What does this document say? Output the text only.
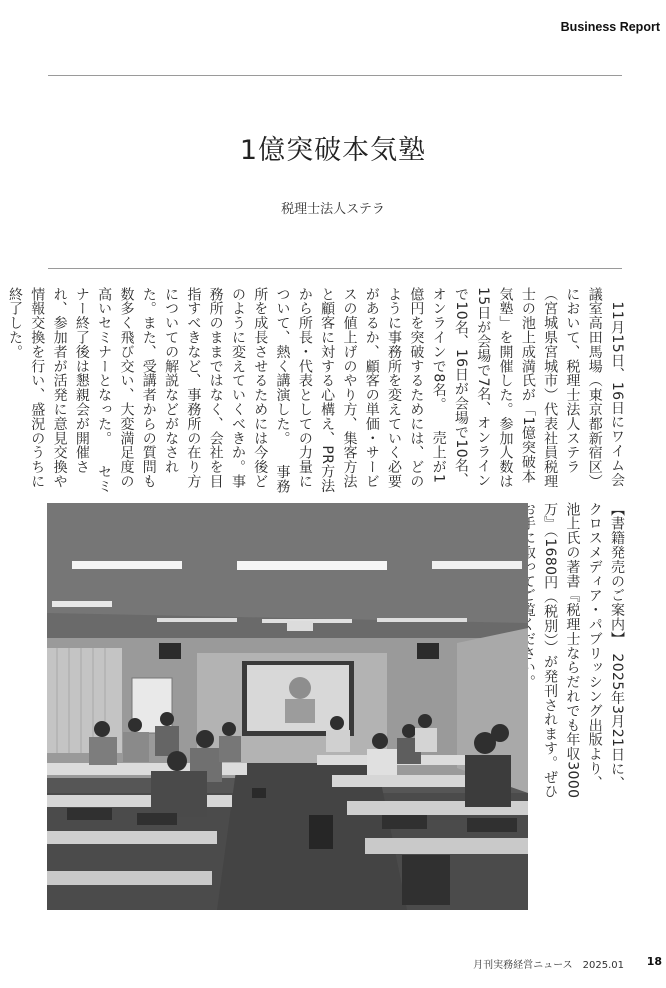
Business Report
1億突破本気塾
税理士法人ステラ

　11月15日、16日にワイム会議室高田馬場（東京都新宿区）において、税理士法人ステラ（宮城県宮城市）代表社員税理士の池上成満氏が「1億突破本気塾」を開催した。参加人数は15日が会場で7名、オンラインで10名、16日が会場で10名、オンラインで8名。 　売上が1億円を突破するためには、どのように事務所を変えていく必要があるか、顧客の単価・サービスの値上げのやり方、集客方法と顧客に対する心構え、PR方法から所長・代表としての力量について、熱く講演した。 　事務所を成長させるためには今後どのように変えていくべきか。事務所のままではなく、会社を目指すべきなど、事務所の在り方についての解説などがなされた。また、受講者からの質問も数多く飛び交い、大変満足度の高いセミナーとなった。 　セミナー終了後は懇親会が開催され、参加者が活発に意見交換や情報交換を行い、盛況のうちに終了した。

【書籍発売のご案内】　2025年3月21日に、クロスメディア・パブリッシング出版より、池上氏の著書『税理士ならだれでも年収3000万』（1680円（税別））が発刊されます。ぜひ

月刊実務経営ニュース　2025.01 18
